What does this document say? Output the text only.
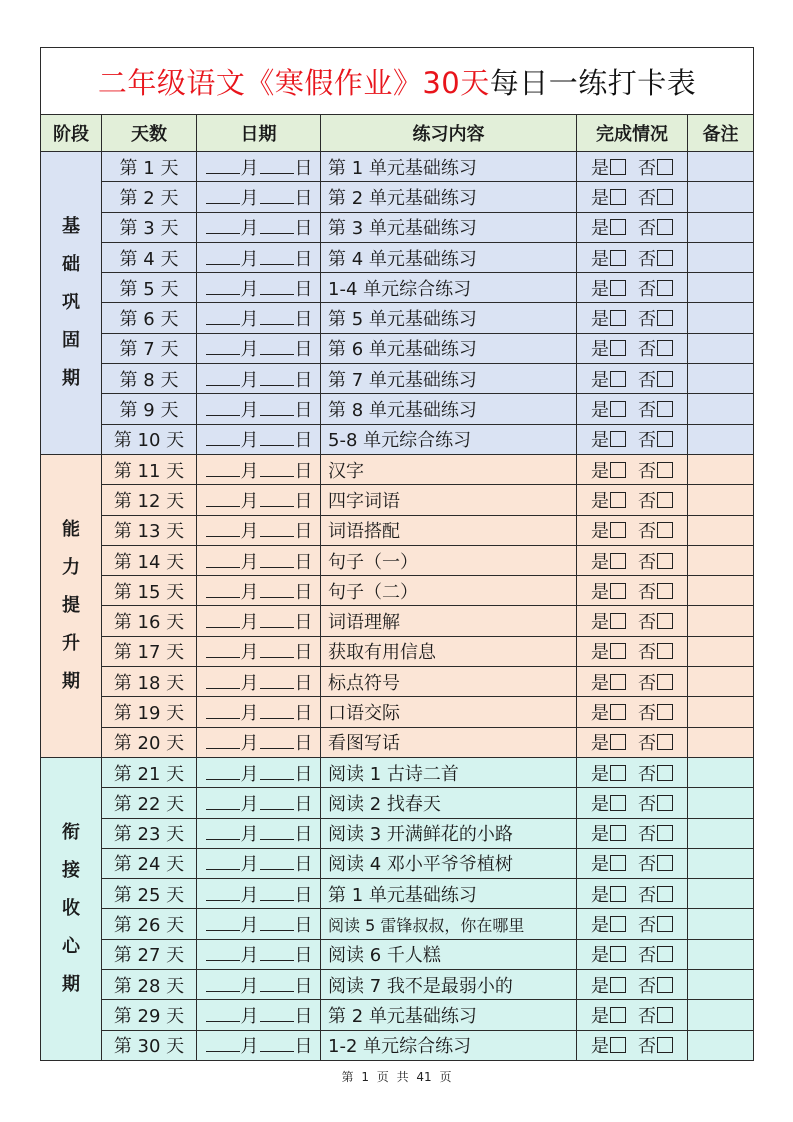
二年级语文《寒假作业》30天每日一练打卡表					
阶段	天数	日期	练习内容	完成情况	备注

基
础
巩
固
期	第 1 天	月 日	第 1 单元基础练习	是 否	
	第 2 天	月 日	第 2 单元基础练习	是 否	
	第 3 天	月 日	第 3 单元基础练习	是 否	
	第 4 天	月 日	第 4 单元基础练习	是 否	
	第 5 天	月 日	1-4 单元综合练习	是 否	
	第 6 天	月 日	第 5 单元基础练习	是 否	
	第 7 天	月 日	第 6 单元基础练习	是 否	
	第 8 天	月 日	第 7 单元基础练习	是 否	
	第 9 天	月 日	第 8 单元基础练习	是 否	
	第 10 天	月 日	5-8 单元综合练习	是 否	

能
力
提
升
期	第 11 天	月 日	汉字	是 否	
	第 12 天	月 日	四字词语	是 否	
	第 13 天	月 日	词语搭配	是 否	
	第 14 天	月 日	句子（一）	是 否	
	第 15 天	月 日	句子（二）	是 否	
	第 16 天	月 日	词语理解	是 否	
	第 17 天	月 日	获取有用信息	是 否	
	第 18 天	月 日	标点符号	是 否	
	第 19 天	月 日	口语交际	是 否	
	第 20 天	月 日	看图写话	是 否	

衔
接
收
心
期	第 21 天	月 日	阅读 1 古诗二首	是 否	
	第 22 天	月 日	阅读 2 找春天	是 否	
	第 23 天	月 日	阅读 3 开满鲜花的小路	是 否	
	第 24 天	月 日	阅读 4 邓小平爷爷植树	是 否	
	第 25 天	月 日	第 1 单元基础练习	是 否	
	第 26 天	月 日	阅读 5 雷锋叔叔，你在哪里	是 否	
	第 27 天	月 日	阅读 6 千人糕	是 否	
	第 28 天	月 日	阅读 7 我不是最弱小的	是 否	
	第 29 天	月 日	第 2 单元基础练习	是 否	
	第 30 天	月 日	1-2 单元综合练习	是 否	
第 1 页 共 41 页
